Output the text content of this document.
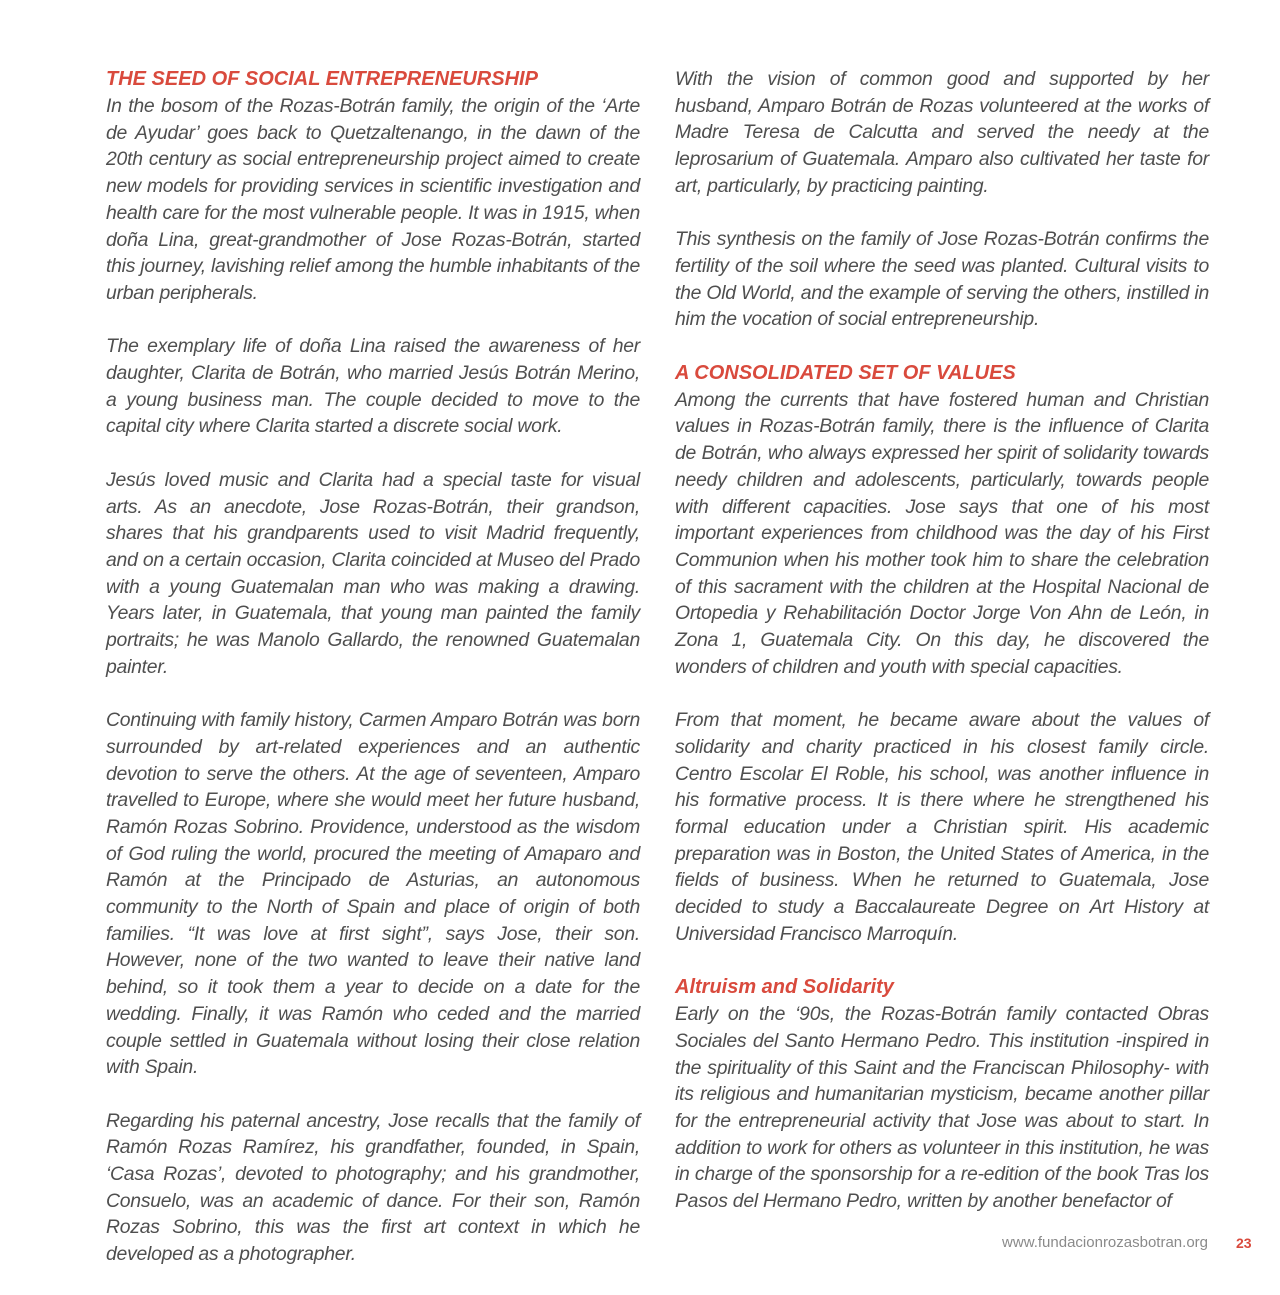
THE SEED OF SOCIAL ENTREPRENEURSHIP

In the bosom of the Rozas-Botrán family, the origin of the ‘Arte de Ayudar’ goes back to Quetzaltenango, in the dawn of the 20th century as social entrepreneurship project aimed to create new models for providing services in scientific investigation and health care for the most vulnerable people. It was in 1915, when doña Lina, great-grandmother of Jose Rozas-Botrán, started this journey, lavishing relief among the humble inhabitants of the urban peripherals.

The exemplary life of doña Lina raised the awareness of her daughter, Clarita de Botrán, who married Jesús Botrán Merino, a young business man. The couple decided to move to the capital city where Clarita started a discrete social work.

Jesús loved music and Clarita had a special taste for visual arts. As an anecdote, Jose Rozas-Botrán, their grandson, shares that his grandparents used to visit Madrid frequently, and on a certain occasion, Clarita coincided at Museo del Prado with a young Guatemalan man who was making a drawing. Years later, in Guatemala, that young man painted the family portraits; he was Manolo Gallardo, the renowned Guatemalan painter.

Continuing with family history, Carmen Amparo Botrán was born surrounded by art-related experiences and an authentic devotion to serve the others. At the age of seventeen, Amparo travelled to Europe, where she would meet her future husband, Ramón Rozas Sobrino. Providence, understood as the wisdom of God ruling the world, procured the meeting of Amaparo and Ramón at the Principado de Asturias, an autonomous community to the North of Spain and place of origin of both families. “It was love at first sight”, says Jose, their son. However, none of the two wanted to leave their native land behind, so it took them a year to decide on a date for the wedding. Finally, it was Ramón who ceded and the married couple settled in Guatemala without losing their close relation with Spain.

Regarding his paternal ancestry, Jose recalls that the family of Ramón Rozas Ramírez, his grandfather, founded, in Spain, ‘Casa Rozas’, devoted to photography; and his grandmother, Consuelo, was an academic of dance. For their son, Ramón Rozas Sobrino, this was the first art context in which he developed as a photographer.

With the vision of common good and supported by her husband, Amparo Botrán de Rozas volunteered at the works of Madre Teresa de Calcutta and served the needy at the leprosarium of Guatemala. Amparo also cultivated her taste for art, particularly, by practicing painting.

This synthesis on the family of Jose Rozas-Botrán confirms the fertility of the soil where the seed was planted. Cultural visits to the Old World, and the example of serving the others, instilled in him the vocation of social entrepreneurship.

A CONSOLIDATED SET OF VALUES

Among the currents that have fostered human and Christian values in Rozas-Botrán family, there is the influence of Clarita de Botrán, who always expressed her spirit of solidarity towards needy children and adolescents, particularly, towards people with different capacities. Jose says that one of his most important experiences from childhood was the day of his First Communion when his mother took him to share the celebration of this sacrament with the children at the Hospital Nacional de Ortopedia y Rehabilitación Doctor Jorge Von Ahn de León, in Zona 1, Guatemala City. On this day, he discovered the wonders of children and youth with special capacities.

From that moment, he became aware about the values of solidarity and charity practiced in his closest family circle. Centro Escolar El Roble, his school, was another influence in his formative process. It is there where he strengthened his formal education under a Christian spirit. His academic preparation was in Boston, the United States of America, in the fields of business. When he returned to Guatemala, Jose decided to study a Baccalaureate Degree on Art History at Universidad Francisco Marroquín.

Altruism and Solidarity

Early on the ‘90s, the Rozas-Botrán family contacted Obras Sociales del Santo Hermano Pedro. This institution -inspired in the spirituality of this Saint and the Franciscan Philosophy- with its religious and humanitarian mysticism, became another pillar for the entrepreneurial activity that Jose was about to start. In addition to work for others as volunteer in this institution, he was in charge of the sponsorship for a re-edition of the book Tras los Pasos del Hermano Pedro, written by another benefactor of

www.fundacionrozasbotran.org 23
